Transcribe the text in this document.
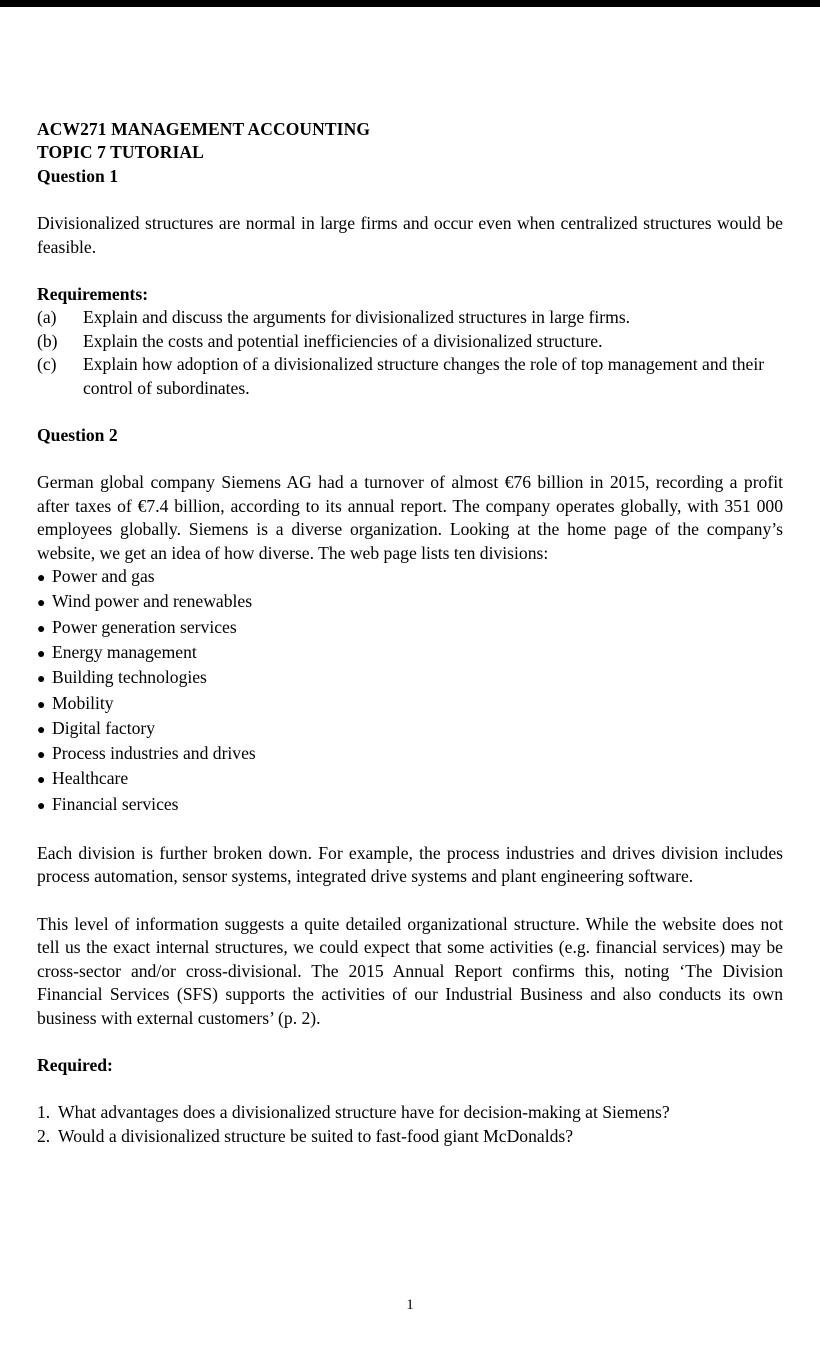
ACW271 MANAGEMENT ACCOUNTING
TOPIC 7 TUTORIAL
Question 1

Divisionalized structures are normal in large firms and occur even when centralized structures would be feasible.

Requirements:
(a)	Explain and discuss the arguments for divisionalized structures in large firms.
(b)	Explain the costs and potential inefficiencies of a divisionalized structure.
(c)	Explain how adoption of a divisionalized structure changes the role of top management and their control of subordinates.
Question 2

German global company Siemens AG had a turnover of almost €76 billion in 2015, recording a profit after taxes of €7.4 billion, according to its annual report. The company operates globally, with 351 000 employees globally. Siemens is a diverse organization. Looking at the home page of the company’s website, we get an idea of how diverse. The web page lists ten divisions:

● Power and gas
● Wind power and renewables
● Power generation services
● Energy management
● Building technologies
● Mobility
● Digital factory
● Process industries and drives
● Healthcare
● Financial services

Each division is further broken down. For example, the process industries and drives division includes process automation, sensor systems, integrated drive systems and plant engineering software.

This level of information suggests a quite detailed organizational structure. While the website does not tell us the exact internal structures, we could expect that some activities (e.g. financial services) may be cross-sector and/or cross-divisional. The 2015 Annual Report confirms this, noting ‘The Division Financial Services (SFS) supports the activities of our Industrial Business and also conducts its own business with external customers’ (p. 2).

Required:
1. What advantages does a divisionalized structure have for decision-making at Siemens?
2. Would a divisionalized structure be suited to fast-food giant McDonalds?
1
